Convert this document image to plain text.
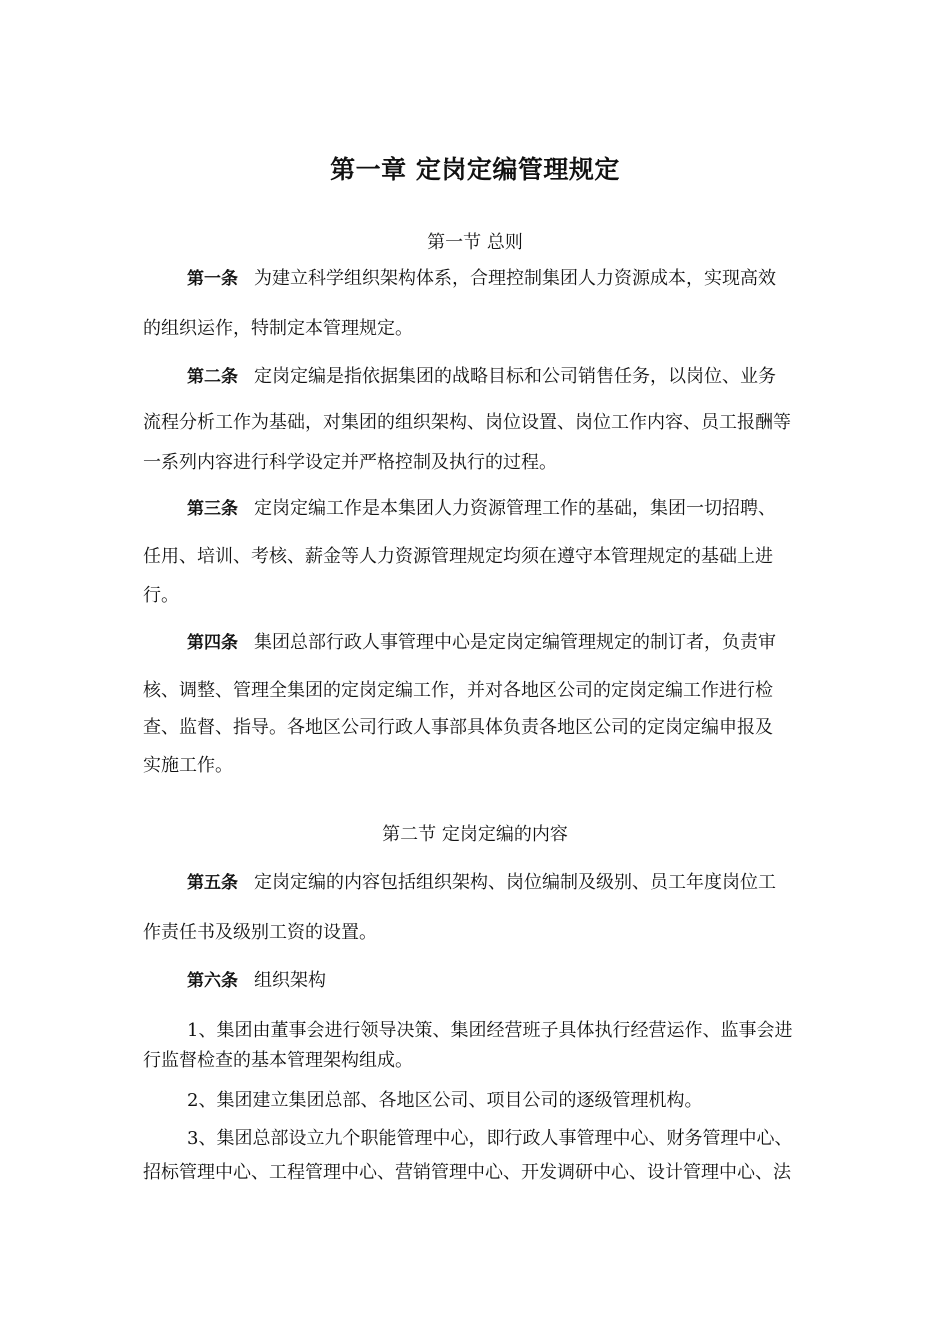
第一章 定岗定编管理规定
第一节 总则
第一条 为建立科学组织架构体系，合理控制集团人力资源成本，实现高效
的组织运作，特制定本管理规定。
第二条 定岗定编是指依据集团的战略目标和公司销售任务，以岗位、业务
流程分析工作为基础，对集团的组织架构、岗位设置、岗位工作内容、员工报酬等
一系列内容进行科学设定并严格控制及执行的过程。
第三条 定岗定编工作是本集团人力资源管理工作的基础，集团一切招聘、
任用、培训、考核、薪金等人力资源管理规定均须在遵守本管理规定的基础上进
行。
第四条 集团总部行政人事管理中心是定岗定编管理规定的制订者，负责审
核、调整、管理全集团的定岗定编工作，并对各地区公司的定岗定编工作进行检
查、监督、指导。各地区公司行政人事部具体负责各地区公司的定岗定编申报及
实施工作。
第二节 定岗定编的内容
第五条 定岗定编的内容包括组织架构、岗位编制及级别、员工年度岗位工
作责任书及级别工资的设置。
第六条 组织架构
1、集团由董事会进行领导决策、集团经营班子具体执行经营运作、监事会进
行监督检查的基本管理架构组成。
2、集团建立集团总部、各地区公司、项目公司的逐级管理机构。
3、集团总部设立九个职能管理中心，即行政人事管理中心、财务管理中心、
招标管理中心、工程管理中心、营销管理中心、开发调研中心、设计管理中心、法
